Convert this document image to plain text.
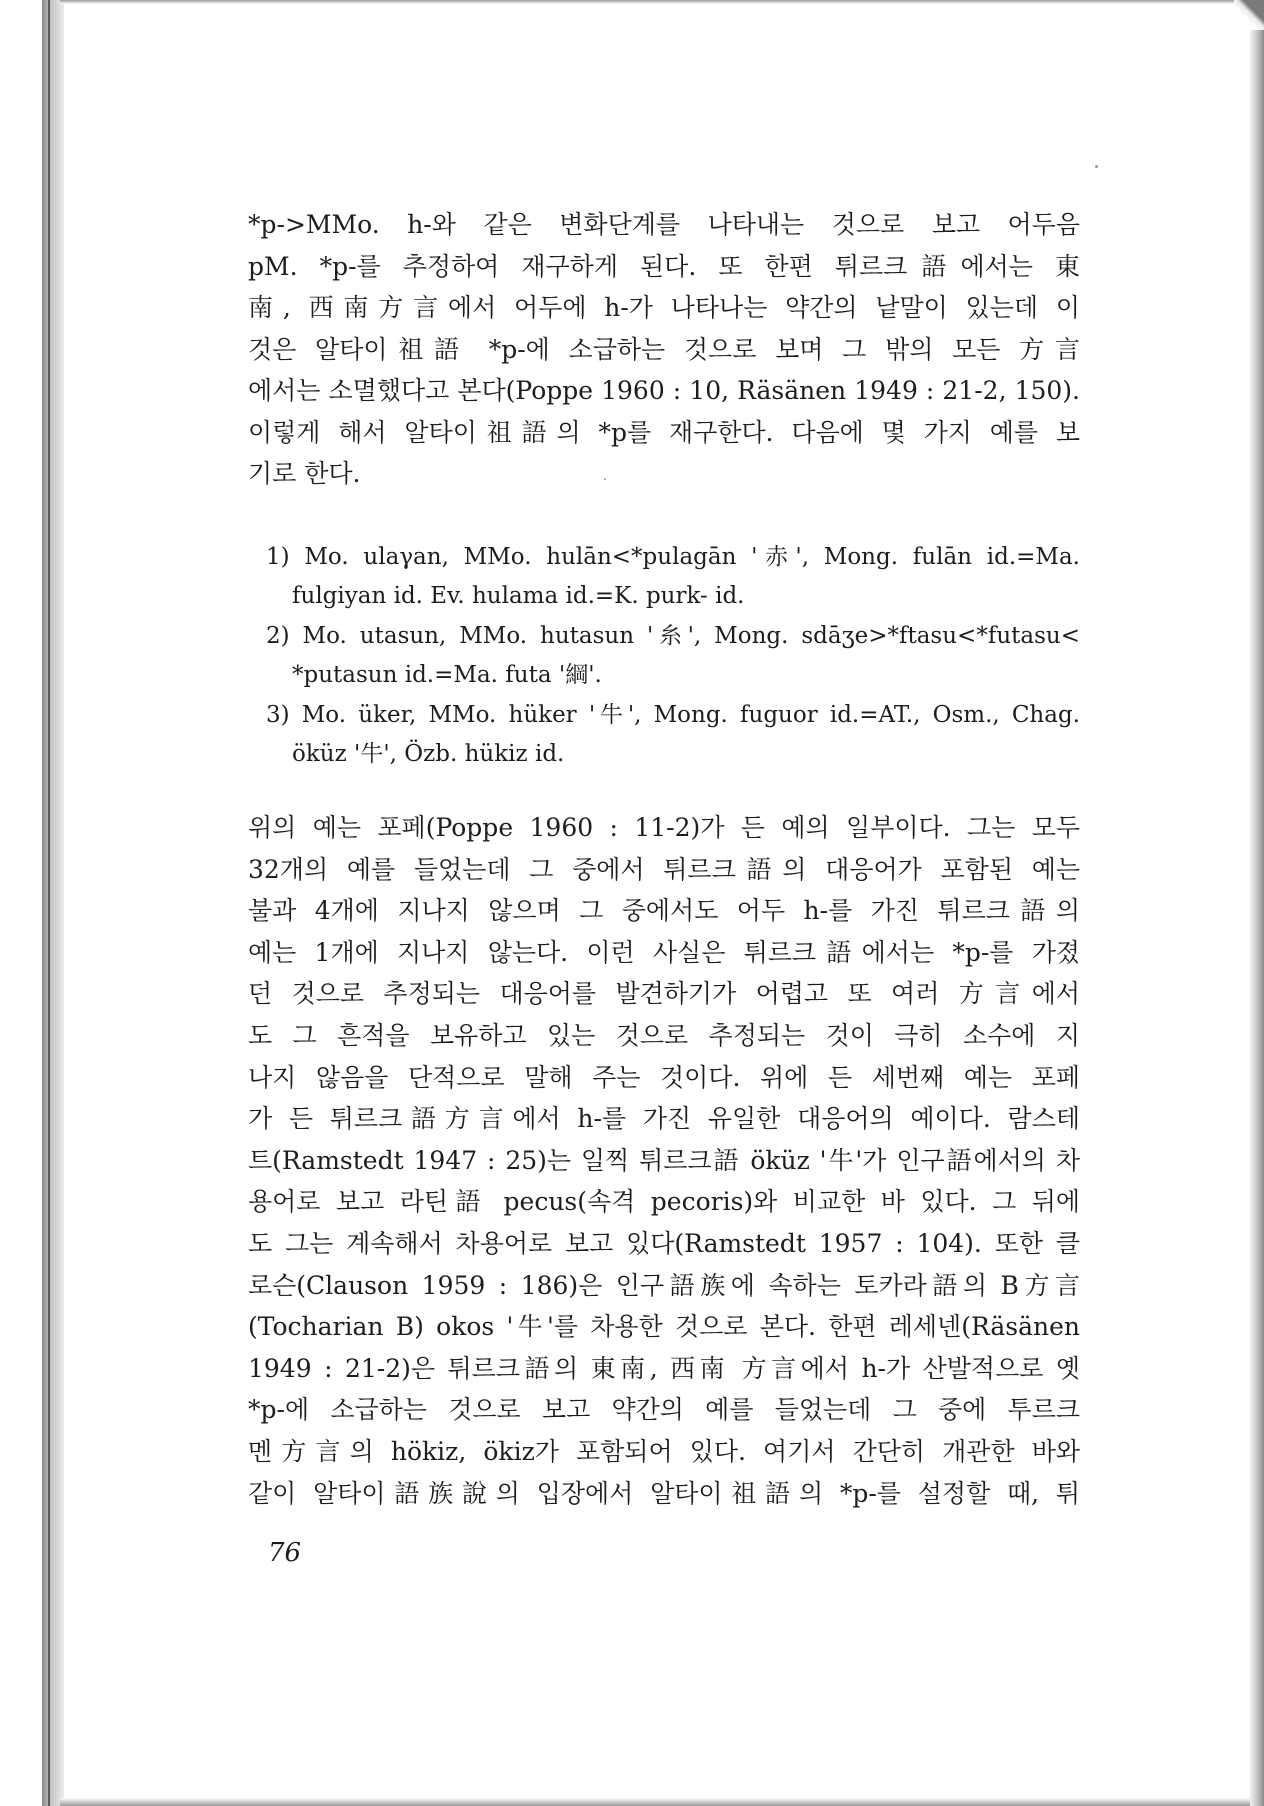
*p->MMo. h-와 같은 변화단계를 나타내는 것으로 보고 어두음
pM. *p-를 추정하여 재구하게 된다. 또 한편 튀르크語에서는 東
南, 西南方言에서 어두에 h-가 나타나는 약간의 낱말이 있는데 이
것은 알타이祖語 *p-에 소급하는 것으로 보며 그 밖의 모든 方言
에서는 소멸했다고 본다(Poppe 1960 : 10, Räsänen 1949 : 21-2, 150).
이렇게 해서 알타이祖語의 *p를 재구한다. 다음에 몇 가지 예를 보
기로 한다.
1) Mo. ulaγan, MMo. hulān<*pulagān '赤', Mong. fulān id.=Ma.
fulgiyan id. Ev. hulama id.=K. purk- id.
2) Mo. utasun, MMo. hutasun '糸', Mong. sdāʒe>*ftasu<*futasu<
*putasun id.=Ma. futa '綱'.
3) Mo. üker, MMo. hüker '牛', Mong. fuguor id.=AT., Osm., Chag.
öküz '牛', Özb. hükiz id.
위의 예는 포페(Poppe 1960 : 11-2)가 든 예의 일부이다. 그는 모두
32개의 예를 들었는데 그 중에서 튀르크語의 대응어가 포함된 예는
불과 4개에 지나지 않으며 그 중에서도 어두 h-를 가진 튀르크語의
예는 1개에 지나지 않는다. 이런 사실은 튀르크語에서는 *p-를 가졌
던 것으로 추정되는 대응어를 발견하기가 어렵고 또 여러 方言에서
도 그 흔적을 보유하고 있는 것으로 추정되는 것이 극히 소수에 지
나지 않음을 단적으로 말해 주는 것이다. 위에 든 세번째 예는 포페
가 든 튀르크語方言에서 h-를 가진 유일한 대응어의 예이다. 람스테
트(Ramstedt 1947 : 25)는 일찍 튀르크語 öküz '牛'가 인구語에서의 차
용어로 보고 라틴語 pecus(속격 pecoris)와 비교한 바 있다. 그 뒤에
도 그는 계속해서 차용어로 보고 있다(Ramstedt 1957 : 104). 또한 클
로슨(Clauson 1959 : 186)은 인구語族에 속하는 토카라語의 B方言
(Tocharian B) okos '牛'를 차용한 것으로 본다. 한편 레세넨(Räsänen
1949 : 21-2)은 튀르크語의 東南, 西南 方言에서 h-가 산발적으로 옛
*p-에 소급하는 것으로 보고 약간의 예를 들었는데 그 중에 투르크
멘方言의 hökiz, ökiz가 포함되어 있다. 여기서 간단히 개관한 바와
같이 알타이語族說의 입장에서 알타이祖語의 *p-를 설정할 때, 튀
76
